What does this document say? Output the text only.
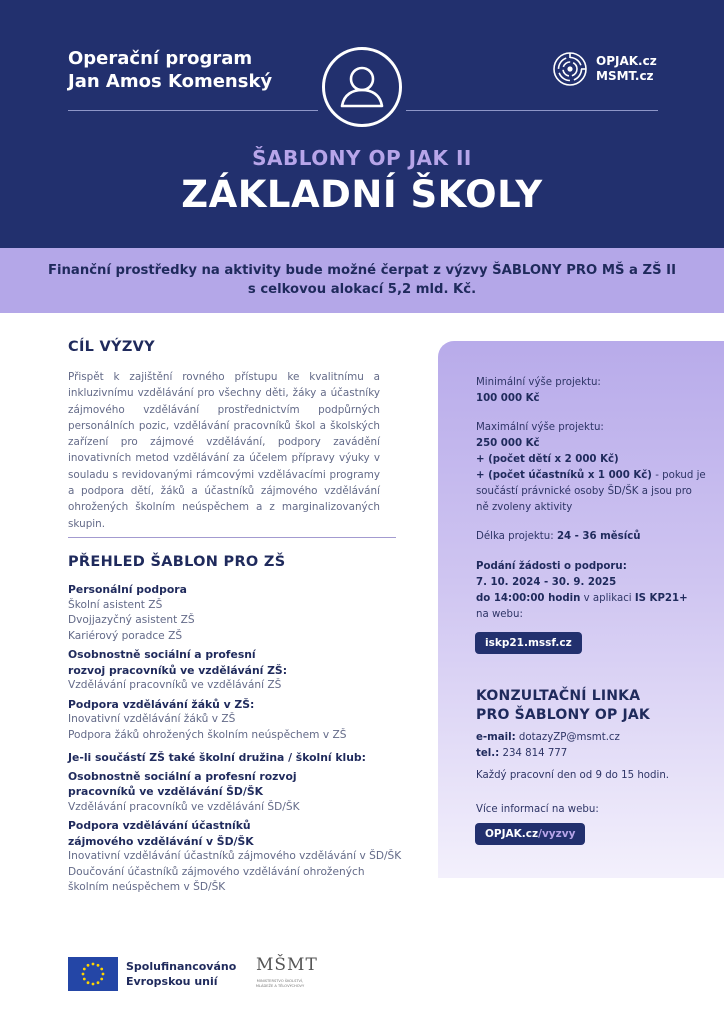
Operační program
Jan Amos Komenský
OPJAK.cz
MSMT.cz
ŠABLONY OP JAK II
ZÁKLADNÍ ŠKOLY

Finanční prostředky na aktivity bude možné čerpat z výzvy ŠABLONY PRO MŠ a ZŠ II
s celkovou alokací 5,2 mld. Kč.

CÍL VÝZVY
Přispět k zajištění rovného přístupu ke kvalitnímu a inkluzivnímu vzdělávání pro všechny děti, žáky a účastníky zájmového vzdělávání prostřednictvím podpůrných personálních pozic, vzdělávání pracovníků škol a školských zařízení pro zájmové vzdělávání, podpory zavádění inovativních metod vzdělávání za účelem přípravy výuky v souladu s revidovanými rámcovými vzdělávacími programy a podpora dětí, žáků a účastníků zájmového vzdělávání ohrožených školním neúspěchem a z marginalizovaných skupin.
PŘEHLED ŠABLON PRO ZŠ
Personální podpora
Školní asistent ZŠ
Dvojjazyčný asistent ZŠ
Kariérový poradce ZŠ
Osobnostně sociální a profesní
rozvoj pracovníků ve vzdělávání ZŠ:
Vzdělávání pracovníků ve vzdělávání ZŠ
Podpora vzdělávání žáků v ZŠ:
Inovativní vzdělávání žáků v ZŠ
Podpora žáků ohrožených školním neúspěchem v ZŠ
Je-li součástí ZŠ také školní družina / školní klub:
Osobnostně sociální a profesní rozvoj
pracovníků ve vzdělávání ŠD/ŠK
Vzdělávání pracovníků ve vzdělávání ŠD/ŠK
Podpora vzdělávání účastníků
zájmového vzdělávání v ŠD/ŠK
Inovativní vzdělávání účastníků zájmového vzdělávání v ŠD/ŠK
Doučování účastníků zájmového vzdělávání ohrožených
školním neúspěchem v ŠD/ŠK
Minimální výše projektu:
100 000 Kč
Maximální výše projektu:
250 000 Kč
+ (počet dětí x 2 000 Kč)
+ (počet účastníků x 1 000 Kč) - pokud je
součástí právnické osoby ŠD/ŠK a jsou pro
ně zvoleny aktivity
Délka projektu: 24 - 36 měsíců
Podání žádosti o podporu:
7. 10. 2024 - 30. 9. 2025
do 14:00:00 hodin v aplikaci IS KP21+
na webu:
iskp21.mssf.cz
KONZULTAČNÍ LINKA
PRO ŠABLONY OP JAK
e-mail: dotazyZP@msmt.cz
tel.: 234 814 777
Každý pracovní den od 9 do 15 hodin.
Více informací na webu:
OPJAK.cz/vyzvy
Spolufinancováno
Evropskou unií
MŠMT
MINISTERSTVO ŠKOLSTVÍ,
MLÁDEŽE A TĚLOVÝCHOVY
